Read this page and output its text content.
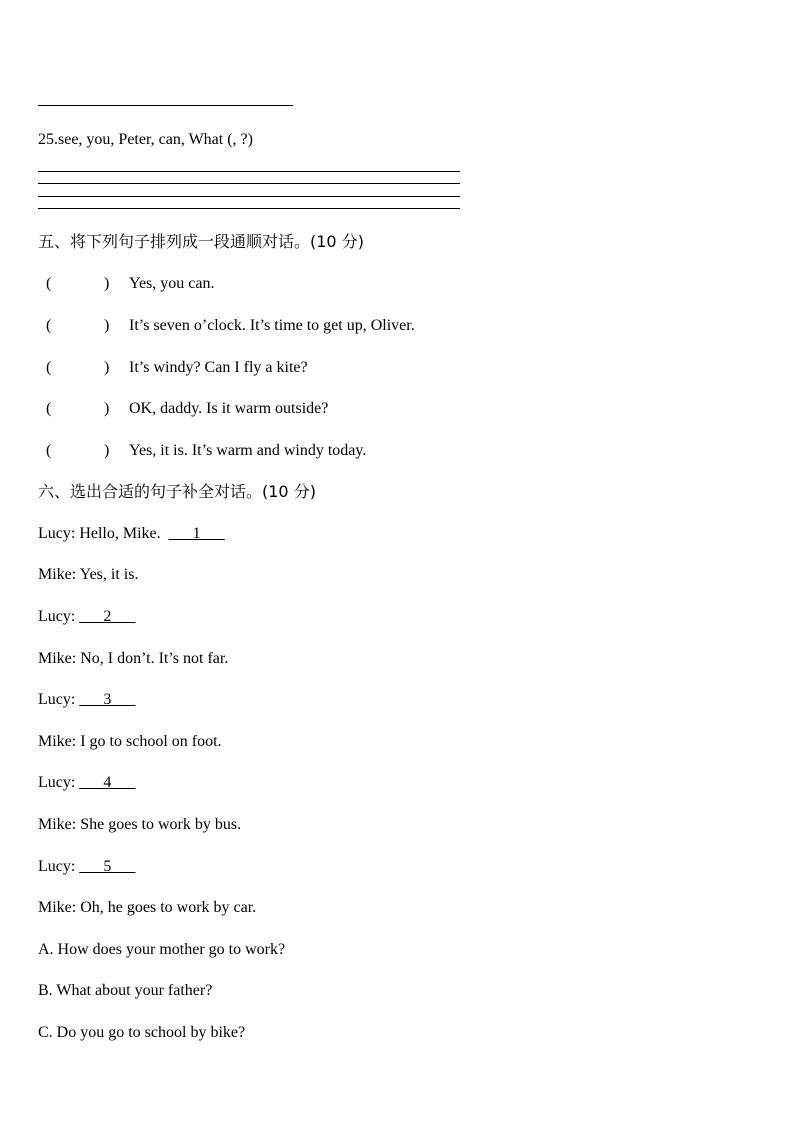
25.see, you, Peter, can, What (, ?)
五、将下列句子排列成一段通顺对话。(10 分)
(	) Yes, you can.
(	) It’s seven o’clock. It’s time to get up, Oliver.
(	) It’s windy? Can I fly a kite?
(	) OK, daddy. Is it warm outside?
(	) Yes, it is. It’s warm and windy today.
六、选出合适的句子补全对话。(10 分)
Lucy: Hello, Mike.  ___1___
Mike: Yes, it is.
Lucy: ___2___
Mike: No, I don’t. It’s not far.
Lucy: ___3___
Mike: I go to school on foot.
Lucy: ___4___
Mike: She goes to work by bus.
Lucy: ___5___
Mike: Oh, he goes to work by car.
A. How does your mother go to work?
B. What about your father?
C. Do you go to school by bike?
